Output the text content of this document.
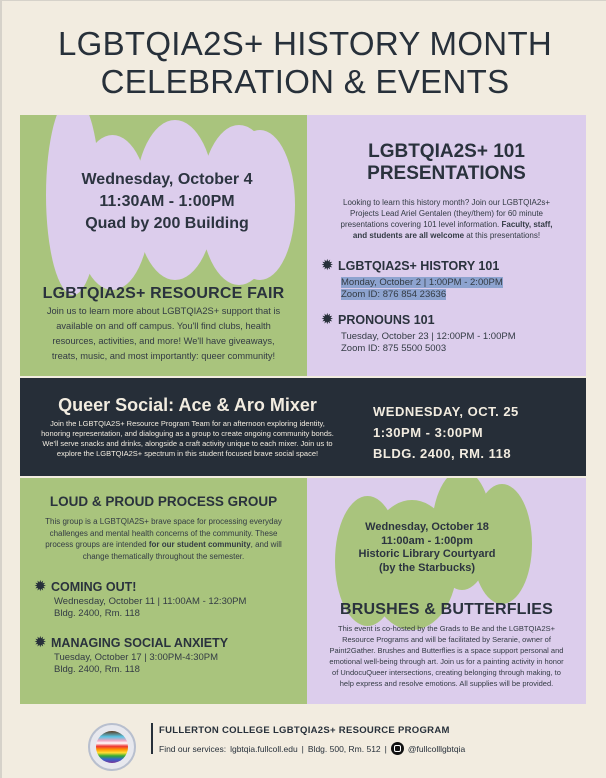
LGBTQIA2S+ HISTORY MONTH
CELEBRATION & EVENTS
Wednesday, October 4
11:30AM - 1:00PM
Quad by 200 Building
LGBTQIA2S+ RESOURCE FAIR
Join us to learn more about LGBTQIA2S+ support that is
available on and off campus. You'll find clubs, health
resources, activities, and more! We'll have giveaways,
treats, music, and most importantly: queer community!
LGBTQIA2S+ 101
PRESENTATIONS
Looking to learn this history month? Join our LGBTQIA2s+
Projects Lead Ariel Gentalen (they/them) for 60 minute
presentations covering 101 level information. Faculty, staff,
and students are all welcome at this presentations!
✹ LGBTQIA2S+ HISTORY 101
Monday, October 2 | 1:00PM - 2:00PM
Zoom ID: 876 854 23636
✹ PRONOUNS 101
Tuesday, October 23 | 12:00PM - 1:00PM
Zoom ID: 875 5500 5003
Queer Social: Ace & Aro Mixer
Join the LGBTQIA2S+ Resource Program Team for an afternoon exploring identity,
honoring representation, and dialoguing as a group to create ongoing community bonds.
We'll serve snacks and drinks, alongside a craft activity unique to each mixer. Join us to
explore the LGBTQIA2S+ spectrum in this student focused brave social space!
WEDNESDAY, OCT. 25
1:30PM - 3:00PM
BLDG. 2400, RM. 118
LOUD & PROUD PROCESS GROUP
This group is a LGBTQIA2S+ brave space for processing everyday
challenges and mental health concerns of the community. These
process groups are intended for our student community, and will
change thematically throughout the semester.
✹ COMING OUT!
Wednesday, October 11 | 11:00AM - 12:30PM
Bldg. 2400, Rm. 118
✹ MANAGING SOCIAL ANXIETY
Tuesday, October 17 | 3:00PM-4:30PM
Bldg. 2400, Rm. 118
Wednesday, October 18
11:00am - 1:00pm
Historic Library Courtyard
(by the Starbucks)
BRUSHES & BUTTERFLIES
This event is co-hosted by the Grads to Be and the LGBTQIA2S+
Resource Programs and will be facilitated by Seranie, owner of
Paint2Gather. Brushes and Butterflies is a space support personal and
emotional well-being through art. Join us for a painting activity in honor
of UndocuQueer intersections, creating belonging through making, to
help express and resolve emotions. All supplies will be provided.
FULLERTON COLLEGE LGBTQIA2S+ RESOURCE PROGRAM
Find our services: lgbtqia.fullcoll.edu | Bldg. 500, Rm. 512 | @fullcolllgbtqia
